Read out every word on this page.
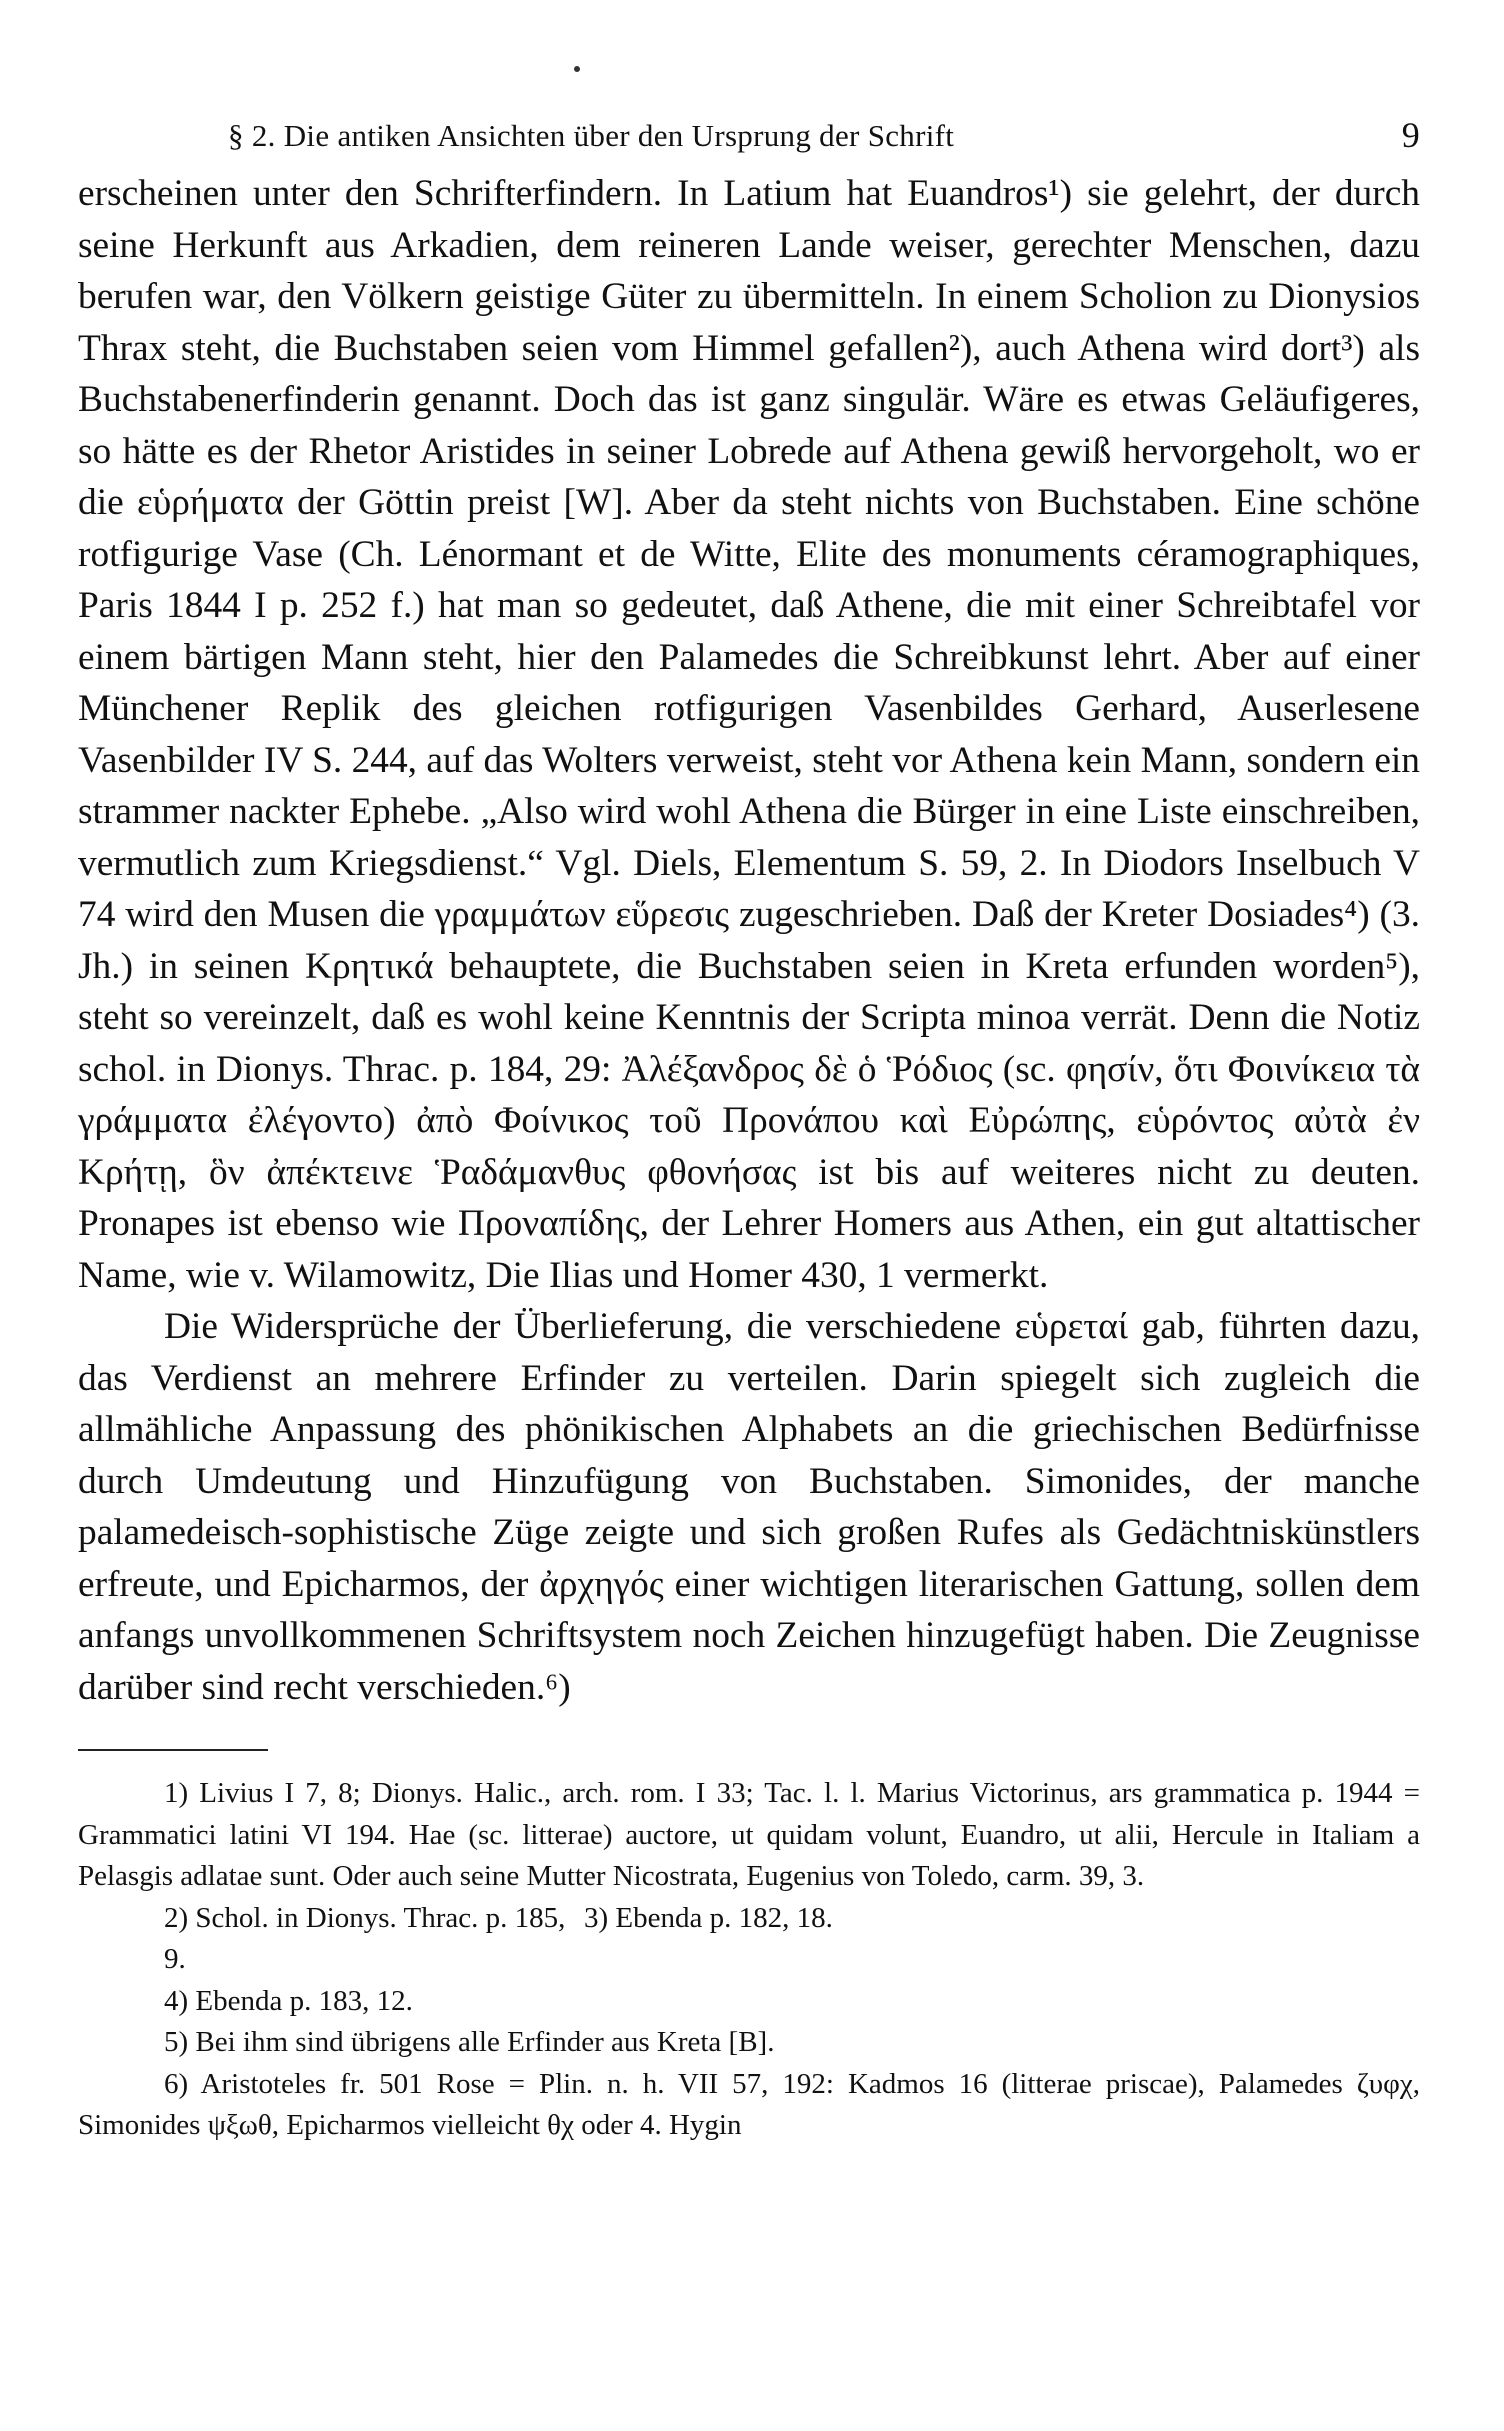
§ 2. Die antiken Ansichten über den Ursprung der Schrift	9

erscheinen unter den Schrifterfindern. In Latium hat Euandros¹) sie gelehrt, der durch seine Herkunft aus Arkadien, dem reineren Lande weiser, gerechter Menschen, dazu berufen war, den Völkern geistige Güter zu übermitteln. In einem Scholion zu Dionysios Thrax steht, die Buchstaben seien vom Himmel gefallen²), auch Athena wird dort³) als Buchstabenerfinderin genannt. Doch das ist ganz singulär. Wäre es etwas Geläufigeres, so hätte es der Rhetor Aristides in seiner Lobrede auf Athena gewiß hervorgeholt, wo er die εὑρήματα der Göttin preist [W]. Aber da steht nichts von Buchstaben. Eine schöne rotfigurige Vase (Ch. Lénormant et de Witte, Elite des monuments céramographiques, Paris 1844 I p. 252 f.) hat man so gedeutet, daß Athene, die mit einer Schreibtafel vor einem bärtigen Mann steht, hier den Palamedes die Schreibkunst lehrt. Aber auf einer Münchener Replik des gleichen rotfigurigen Vasenbildes Gerhard, Auserlesene Vasenbilder IV S. 244, auf das Wolters verweist, steht vor Athena kein Mann, sondern ein strammer nackter Ephebe. „Also wird wohl Athena die Bürger in eine Liste einschreiben, vermutlich zum Kriegsdienst.“ Vgl. Diels, Elementum S. 59, 2. In Diodors Inselbuch V 74 wird den Musen die γραμμάτων εὕρεσις zugeschrieben. Daß der Kreter Dosiades⁴) (3. Jh.) in seinen Κρητικά behauptete, die Buchstaben seien in Kreta erfunden worden⁵), steht so vereinzelt, daß es wohl keine Kenntnis der Scripta minoa verrät. Denn die Notiz schol. in Dionys. Thrac. p. 184, 29: Ἀλέξανδρος δὲ ὁ Ῥόδιος (sc. φησίν, ὅτι Φοινίκεια τὰ γράμματα ἐλέγοντο) ἀπὸ Φοίνικος τοῦ Προνάπου καὶ Εὐρώπης, εὑρόντος αὐτὰ ἐν Κρήτῃ, ὃν ἀπέκτεινε Ῥαδάμανθυς φθονήσας ist bis auf weiteres nicht zu deuten. Pronapes ist ebenso wie Προναπίδης, der Lehrer Homers aus Athen, ein gut altattischer Name, wie v. Wilamowitz, Die Ilias und Homer 430, 1 vermerkt.

Die Widersprüche der Überlieferung, die verschiedene εὑρεταί gab, führten dazu, das Verdienst an mehrere Erfinder zu verteilen. Darin spiegelt sich zugleich die allmähliche Anpassung des phönikischen Alphabets an die griechischen Bedürfnisse durch Umdeutung und Hinzufügung von Buchstaben. Simonides, der manche palamedeisch-sophistische Züge zeigte und sich großen Rufes als Gedächtniskünstlers erfreute, und Epicharmos, der ἀρχηγός einer wichtigen literarischen Gattung, sollen dem anfangs unvollkommenen Schriftsystem noch Zeichen hinzugefügt haben. Die Zeugnisse darüber sind recht verschieden.⁶)

1) Livius I 7, 8; Dionys. Halic., arch. rom. I 33; Tac. l. l. Marius Victorinus, ars grammatica p. 1944 = Grammatici latini VI 194. Hae (sc. litterae) auctore, ut quidam volunt, Euandro, ut alii, Hercule in Italiam a Pelasgis adlatae sunt. Oder auch seine Mutter Nicostrata, Eugenius von Toledo, carm. 39, 3.

2) Schol. in Dionys. Thrac. p. 185, 9.
3) Ebenda p. 182, 18.

4) Ebenda p. 183, 12.

5) Bei ihm sind übrigens alle Erfinder aus Kreta [B].

6) Aristoteles fr. 501 Rose = Plin. n. h. VII 57, 192: Kadmos 16 (litterae priscae), Palamedes ζυφχ, Simonides ψξωθ, Epicharmos vielleicht θχ oder 4. Hygin
